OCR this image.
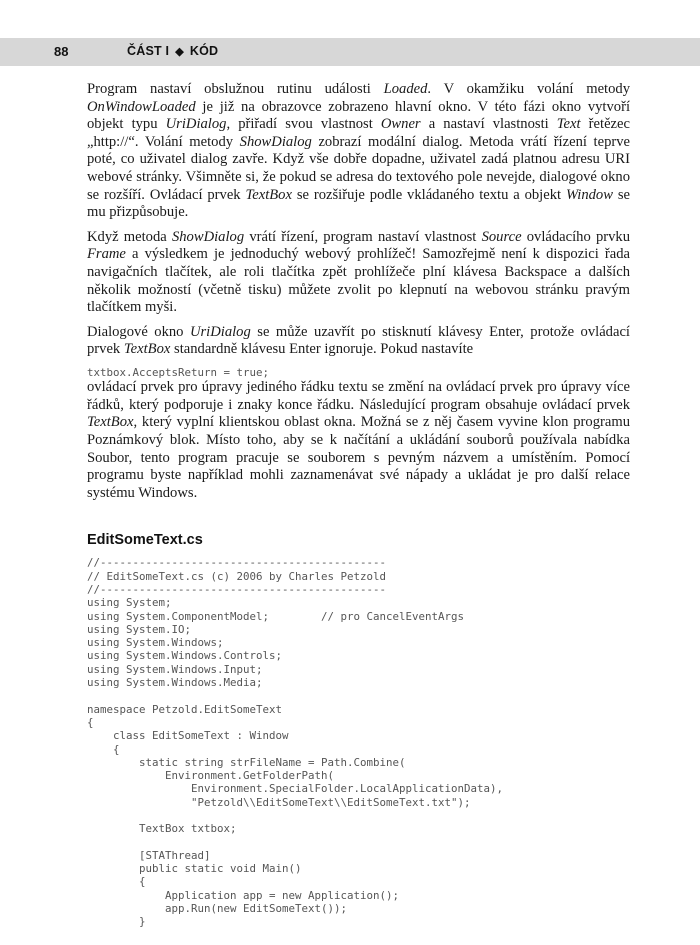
88	ČÁST I ◆ KÓD

Program nastaví obslužnou rutinu události Loaded. V okamžiku volání metody OnWindowLoaded je již na obrazovce zobrazeno hlavní okno. V této fázi okno vytvoří objekt typu UriDialog, přiřadí svou vlastnost Owner a nastaví vlastnosti Text řetězec „http://“. Volání metody ShowDialog zobrazí modální dialog. Metoda vrátí řízení teprve poté, co uživatel dialog zavře. Když vše dobře dopadne, uživatel zadá platnou adresu URI webové stránky. Všimněte si, že pokud se adresa do textového pole nevejde, dialogové okno se rozšíří. Ovládací prvek TextBox se rozšiřuje podle vkládaného textu a objekt Window se mu přizpůsobuje.

Když metoda ShowDialog vrátí řízení, program nastaví vlastnost Source ovládacího prvku Frame a výsledkem je jednoduchý webový prohlížeč! Samozřejmě není k dispozici řada navigačních tlačítek, ale roli tlačítka zpět prohlížeče plní klávesa Backspace a dalších několik možností (včetně tisku) můžete zvolit po klepnutí na webovou stránku pravým tlačítkem myši.

Dialogové okno UriDialog se může uzavřít po stisknutí klávesy Enter, protože ovládací prvek TextBox standardně klávesu Enter ignoruje. Pokud nastavíte

txtbox.AcceptsReturn = true;

ovládací prvek pro úpravy jediného řádku textu se změní na ovládací prvek pro úpravy více řádků, který podporuje i znaky konce řádku. Následující program obsahuje ovládací prvek TextBox, který vyplní klientskou oblast okna. Možná se z něj časem vyvine klon programu Poznámkový blok. Místo toho, aby se k načítání a ukládání souborů používala nabídka Soubor, tento program pracuje se souborem s pevným názvem a umístěním. Pomocí programu byste například mohli zaznamenávat své nápady a ukládat je pro další relace systému Windows.

EditSomeText.cs
//--------------------------------------------
// EditSomeText.cs (c) 2006 by Charles Petzold
//--------------------------------------------
using System;
using System.ComponentModel;        // pro CancelEventArgs
using System.IO;
using System.Windows;
using System.Windows.Controls;
using System.Windows.Input;
using System.Windows.Media;

namespace Petzold.EditSomeText
{
class EditSomeText : Window
{
static string strFileName = Path.Combine(
Environment.GetFolderPath(
Environment.SpecialFolder.LocalApplicationData),
"Petzold\\EditSomeText\\EditSomeText.txt");

TextBox txtbox;

[STAThread]
public static void Main()
{
Application app = new Application();
app.Run(new EditSomeText());
}
